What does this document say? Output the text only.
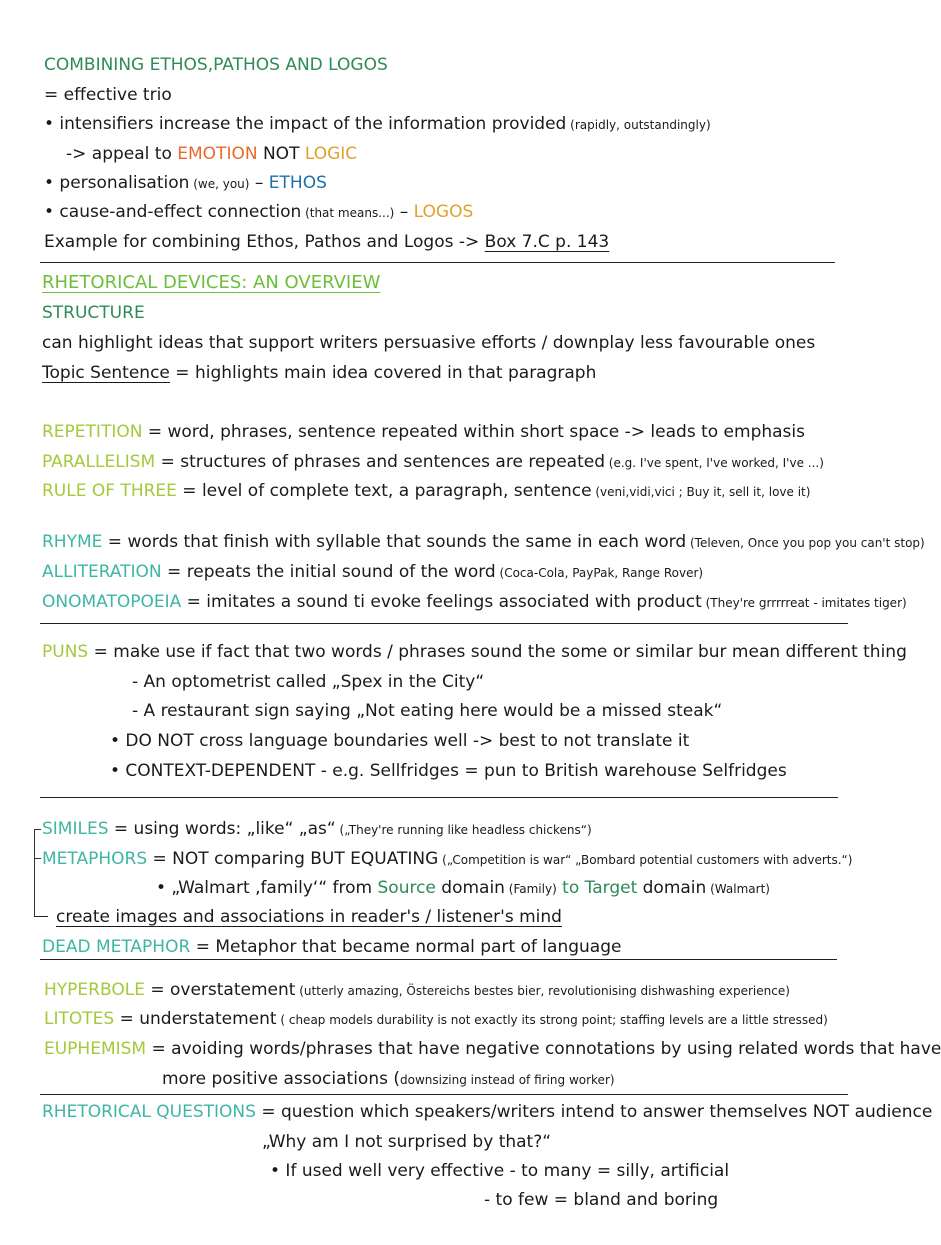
COMBINING ETHOS,PATHOS AND LOGOS
= effective trio
• intensifiers increase the impact of the information provided (rapidly, outstandingly)
-> appeal to EMOTION NOT LOGIC
• personalisation (we, you) – ETHOS
• cause-and-effect connection (that means...) – LOGOS
Example for combining Ethos, Pathos and Logos -> Box 7.C p. 143
RHETORICAL DEVICES: AN OVERVIEW
STRUCTURE
can highlight ideas that support writers persuasive efforts / downplay less favourable ones
Topic Sentence = highlights main idea covered in that paragraph
REPETITION = word, phrases, sentence repeated within short space -> leads to emphasis
PARALLELISM = structures of phrases and sentences are repeated (e.g. I've spent, I've worked, I've ...)
RULE OF THREE = level of complete text, a paragraph, sentence (veni,vidi,vici ; Buy it, sell it, love it)
RHYME = words that finish with syllable that sounds the same in each word (Televen, Once you pop you can't stop)
ALLITERATION = repeats the initial sound of the word (Coca-Cola, PayPak, Range Rover)
ONOMATOPOEIA = imitates a sound ti evoke feelings associated with product (They're grrrrreat - imitates tiger)
PUNS = make use if fact that two words / phrases sound the some or similar bur mean different thing
- An optometrist called „Spex in the City“
- A restaurant sign saying „Not eating here would be a missed steak“
• DO NOT cross language boundaries well -> best to not translate it
• CONTEXT-DEPENDENT - e.g. Sellfridges = pun to British warehouse Selfridges
SIMILES = using words: „like“ „as“ („They're running like headless chickens“)
METAPHORS = NOT comparing BUT EQUATING („Competition is war“ „Bombard potential customers with adverts.“)
• „Walmart ‚family‘“ from Source domain (Family) to Target domain (Walmart)
create images and associations in reader's / listener's mind
DEAD METAPHOR = Metaphor that became normal part of language
HYPERBOLE = overstatement (utterly amazing, Östereichs bestes bier, revolutionising dishwashing experience)
LITOTES = understatement ( cheap models durability is not exactly its strong point; staffing levels are a little stressed)
EUPHEMISM = avoiding words/phrases that have negative connotations by using related words that have
more positive associations (downsizing instead of firing worker)
RHETORICAL QUESTIONS = question which speakers/writers intend to answer themselves NOT audience
„Why am I not surprised by that?“
• If used well very effective - to many = silly, artificial
- to few = bland and boring
